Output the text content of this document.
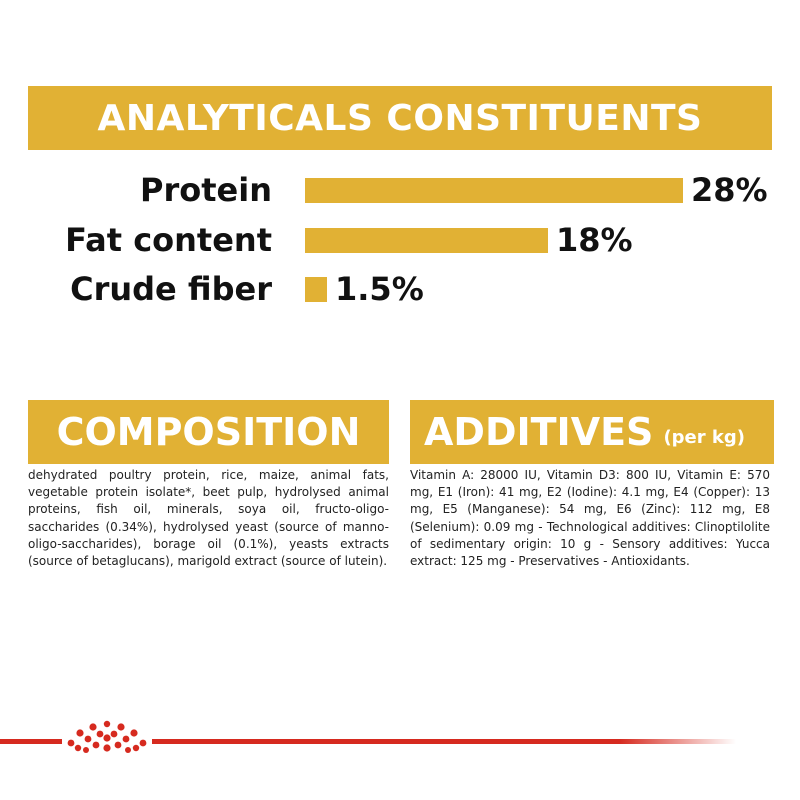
ANALYTICALS CONSTITUENTS
Protein	28%
Fat content	18%
Crude fiber 1.5%
COMPOSITION
dehydrated poultry protein, rice, maize, animal fats, vegetable protein isolate*, beet pulp, hydrolysed animal proteins, fish oil, minerals, soya oil, fructo-oligo-saccharides (0.34%), hydrolysed yeast (source of manno-oligo-saccharides), borage oil (0.1%), yeasts extracts (source of betaglucans), marigold extract (source of lutein).
ADDITIVES (per kg)
Vitamin A: 28000 IU, Vitamin D3: 800 IU, Vitamin E: 570 mg, E1 (Iron): 41 mg, E2 (Iodine): 4.1 mg, E4 (Copper): 13 mg, E5 (Manganese): 54 mg, E6 (Zinc): 112 mg, E8 (Selenium): 0.09 mg - Technological additives: Clinoptilolite of sedimentary origin: 10 g - Sensory additives: Yucca extract: 125 mg - Preservatives - Antioxidants.
